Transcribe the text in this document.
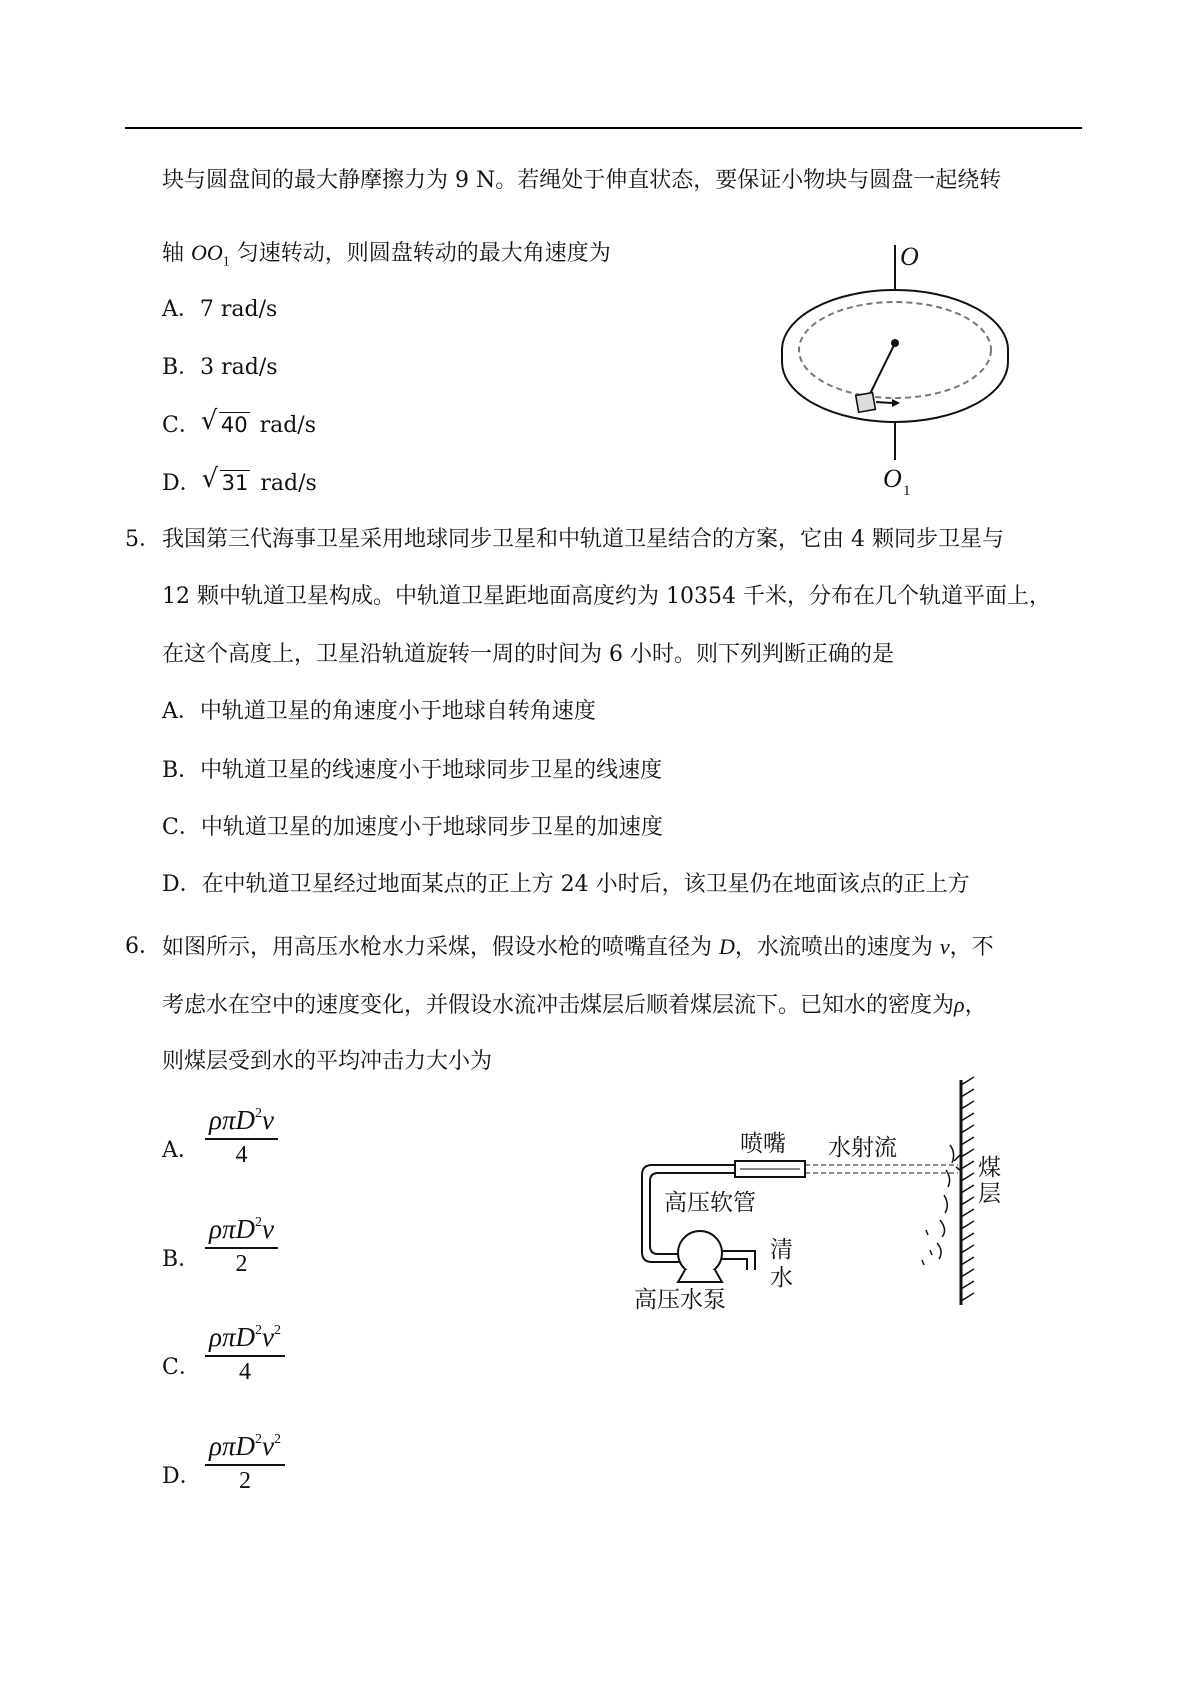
块与圆盘间的最大静摩擦力为 9 N。若绳处于伸直状态，要保证小物块与圆盘一起绕转
轴 $OO_1$ 匀速转动，则圆盘转动的最大角速度为
A．7 rad/s
B．3 rad/s
C． √ 40 rad/s
D． √ 31 rad/s
O
O 1
5． 我国第三代海事卫星采用地球同步卫星和中轨道卫星结合的方案，它由 4 颗同步卫星与
12 颗中轨道卫星构成。中轨道卫星距地面高度约为 10354 千米，分布在几个轨道平面上，
在这个高度上，卫星沿轨道旋转一周的时间为 6 小时。则下列判断正确的是
A．中轨道卫星的角速度小于地球自转角速度
B．中轨道卫星的线速度小于地球同步卫星的线速度
C．中轨道卫星的加速度小于地球同步卫星的加速度
D．在中轨道卫星经过地面某点的正上方 24 小时后，该卫星仍在地面该点的正上方
6． 如图所示，用高压水枪水力采煤，假设水枪的喷嘴直径为 D，水流喷出的速度为 v，不
考虑水在空中的速度变化，并假设水流冲击煤层后顺着煤层流下。已知水的密度为ρ，
则煤层受到水的平均冲击力大小为
A．
ρπD$^2$v
4
B．
ρπD$^2$v
2
C．
$\rho\pi D^2v^2$
4
D．
$\rho\pi D^2v^2$
2
喷嘴 水射流
煤
层
高压软管
清
水
高压水泵
